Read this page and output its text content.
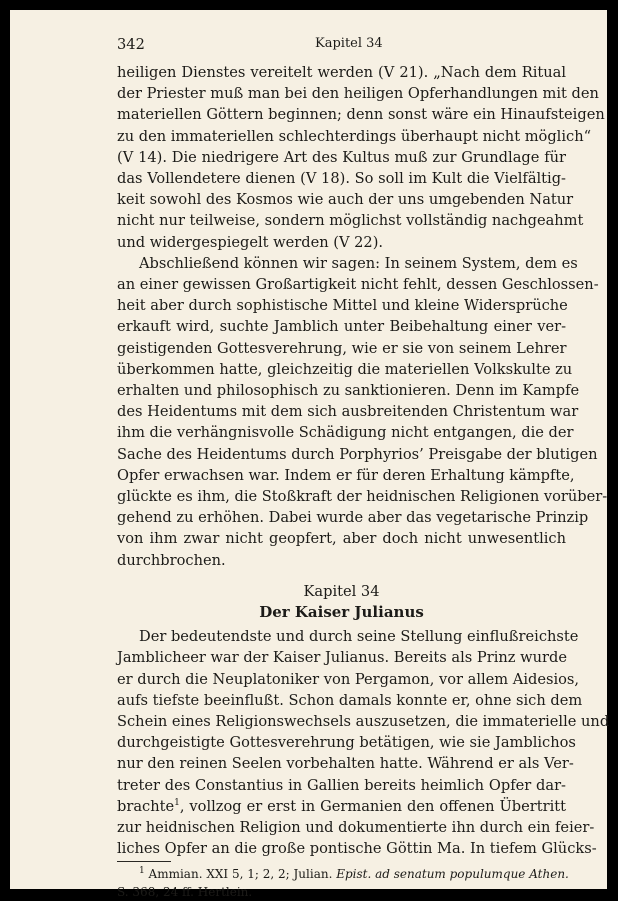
342	Kapitel 34
heiligen Dienstes vereitelt werden (V 21). „Nach dem Ritual
der Priester muß man bei den heiligen Opferhandlungen mit den
materiellen Göttern beginnen; denn sonst wäre ein Hinaufsteigen
zu den immateriellen schlechterdings überhaupt nicht möglich“
(V 14). Die niedrigere Art des Kultus muß zur Grundlage für
das Vollendetere dienen (V 18). So soll im Kult die Vielfältig-
keit sowohl des Kosmos wie auch der uns umgebenden Natur
nicht nur teilweise, sondern möglichst vollständig nachgeahmt
und widergespiegelt werden (V 22).
Abschließend können wir sagen: In seinem System, dem es
an einer gewissen Großartigkeit nicht fehlt, dessen Geschlossen-
heit aber durch sophistische Mittel und kleine Widersprüche
erkauft wird, suchte Jamblich unter Beibehaltung einer ver-
geistigenden Gottesverehrung, wie er sie von seinem Lehrer
überkommen hatte, gleichzeitig die materiellen Volkskulte zu
erhalten und philosophisch zu sanktionieren. Denn im Kampfe
des Heidentums mit dem sich ausbreitenden Christentum war
ihm die verhängnisvolle Schädigung nicht entgangen, die der
Sache des Heidentums durch Porphyrios’ Preisgabe der blutigen
Opfer erwachsen war. Indem er für deren Erhaltung kämpfte,
glückte es ihm, die Stoßkraft der heidnischen Religionen vorüber-
gehend zu erhöhen. Dabei wurde aber das vegetarische Prinzip
von ihm zwar nicht geopfert, aber doch nicht unwesentlich
durchbrochen.
Kapitel 34
Der Kaiser Julianus
Der bedeutendste und durch seine Stellung einflußreichste
Jamblicheer war der Kaiser Julianus. Bereits als Prinz wurde
er durch die Neuplatoniker von Pergamon, vor allem Aidesios,
aufs tiefste beeinflußt. Schon damals konnte er, ohne sich dem
Schein eines Religionswechsels auszusetzen, die immaterielle und
durchgeistigte Gottesverehrung betätigen, wie sie Jamblichos
nur den reinen Seelen vorbehalten hatte. Während er als Ver-
treter des Constantius in Gallien bereits heimlich Opfer dar-
brachte$^1$, vollzog er erst in Germanien den offenen Übertritt
zur heidnischen Religion und dokumentierte ihn durch ein feier-
liches Opfer an die große pontische Göttin Ma. In tiefem Glücks-
$^1$ Ammian. XXI 5, 1; 2, 2; Julian. Epist. ad senatum populumque Athen.
S. 368, 24 ff. Hertlein.
